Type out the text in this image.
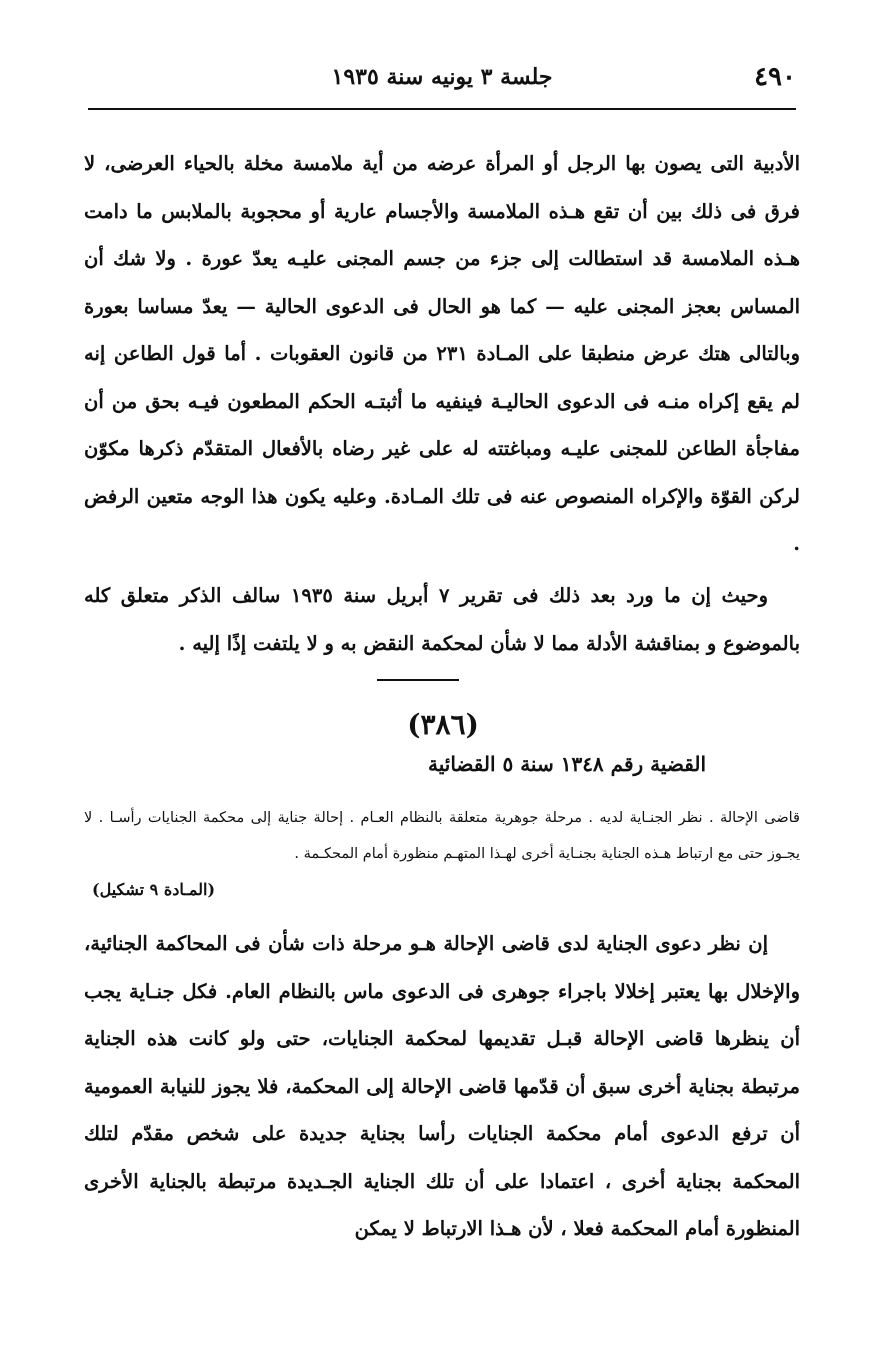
٤٩٠
جلسة ٣ يونيه سنة ١٩٣٥

الأدبية التى يصون بها الرجل أو المرأة عرضه من أية ملامسة مخلة بالحياء العرضى، لا فرق فى ذلك بين أن تقع هـذه الملامسة والأجسام عارية أو محجوبة بالملابس ما دامت هـذه الملامسة قد استطالت إلى جزء من جسم المجنى عليـه يعدّ عورة . ولا شك أن المساس بعجز المجنى عليه — كما هو الحال فى الدعوى الحالية — يعدّ مساسا بعورة وبالتالى هتك عرض منطبقا على المـادة ٢٣١ من قانون العقوبات . أما قول الطاعن إنه لم يقع إكراه منـه فى الدعوى الحاليـة فينفيه ما أثبتـه الحكم المطعون فيـه بحق من أن مفاجأة الطاعن للمجنى عليـه ومباغتته له على غير رضاه بالأفعال المتقدّم ذكرها مكوّن لركن القوّة والإكراه المنصوص عنه فى تلك المـادة. وعليه يكون هذا الوجه متعين الرفض .

وحيث إن ما ورد بعد ذلك فى تقرير ٧ أبريل سنة ١٩٣٥ سالف الذكر متعلق كله بالموضوع و بمناقشة الأدلة مما لا شأن لمحكمة النقض به و لا يلتفت إذًا إليه .

(٣٨٦)
القضية رقم ١٣٤٨ سنة ٥ القضائية

قاضى الإحالة . نظر الجنـاية لديه . مرحلة جوهرية متعلقة بالنظام العـام . إحالة جناية إلى محكمة الجنايات رأسـا . لا يجـوز حتى مع ارتباط هـذه الجناية بجنـاية أخرى لهـذا المتهـم منظورة أمام المحكـمة .

(المـادة ٩ تشكيل)

إن نظر دعوى الجناية لدى قاضى الإحالة هـو مرحلة ذات شأن فى المحاكمة الجنائية، والإخلال بها يعتبر إخلالا باجراء جوهرى فى الدعوى ماس بالنظام العام. فكل جنـاية يجب أن ينظرها قاضى الإحالة قبـل تقديمها لمحكمة الجنايات، حتى ولو كانت هذه الجناية مرتبطة بجناية أخرى سبق أن قدّمها قاضى الإحالة إلى المحكمة، فلا يجوز للنيابة العمومية أن ترفع الدعوى أمام محكمة الجنايات رأسا بجناية جديدة على شخص مقدّم لتلك المحكمة بجناية أخرى ، اعتمادا على أن تلك الجناية الجـديدة مرتبطة بالجناية الأخرى المنظورة أمام المحكمة فعلا ، لأن هـذا الارتباط لا يمكن
